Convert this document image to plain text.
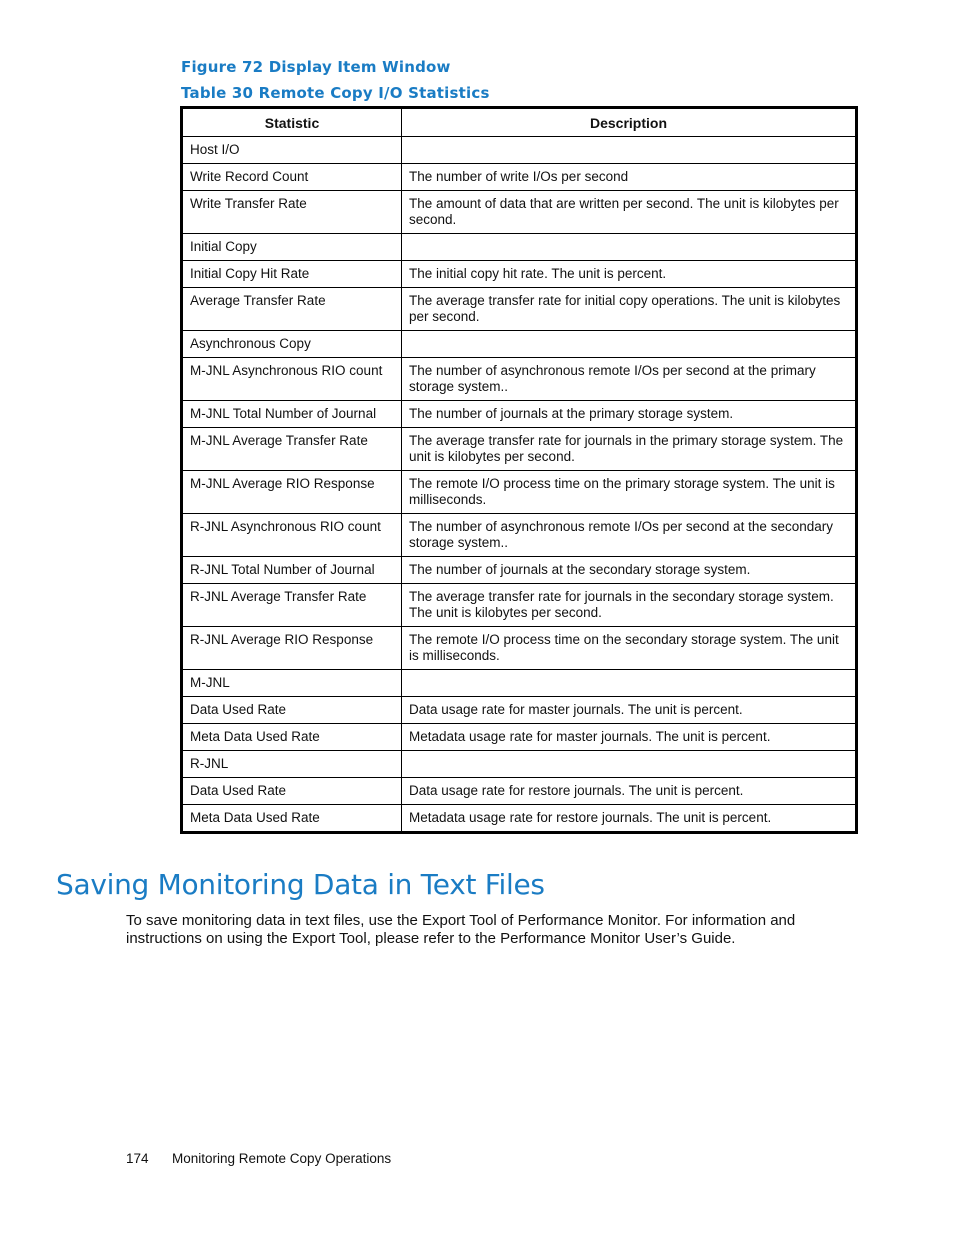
Figure 72 Display Item Window

Table 30 Remote Copy I/O Statistics

Statistic	Description
Host I/O	
Write Record Count	The number of write I/Os per second
Write Transfer Rate	The amount of data that are written per second. The unit is kilobytes per second.
Initial Copy	
Initial Copy Hit Rate	The initial copy hit rate. The unit is percent.
Average Transfer Rate	The average transfer rate for initial copy operations. The unit is kilobytes per second.
Asynchronous Copy	
M-JNL Asynchronous RIO count	The number of asynchronous remote I/Os per second at the primary storage system..
M-JNL Total Number of Journal	The number of journals at the primary storage system.
M-JNL Average Transfer Rate	The average transfer rate for journals in the primary storage system. The unit is kilobytes per second.
M-JNL Average RIO Response	The remote I/O process time on the primary storage system. The unit is milliseconds.
R-JNL Asynchronous RIO count	The number of asynchronous remote I/Os per second at the secondary storage system..
R-JNL Total Number of Journal	The number of journals at the secondary storage system.
R-JNL Average Transfer Rate	The average transfer rate for journals in the secondary storage system. The unit is kilobytes per second.
R-JNL Average RIO Response	The remote I/O process time on the secondary storage system. The unit is milliseconds.
M-JNL	
Data Used Rate	Data usage rate for master journals. The unit is percent.
Meta Data Used Rate	Metadata usage rate for master journals. The unit is percent.
R-JNL	
Data Used Rate	Data usage rate for restore journals. The unit is percent.
Meta Data Used Rate	Metadata usage rate for restore journals. The unit is percent.
Saving Monitoring Data in Text Files

To save monitoring data in text files, use the Export Tool of Performance Monitor. For information and instructions on using the Export Tool, please refer to the Performance Monitor User’s Guide.

174 Monitoring Remote Copy Operations
